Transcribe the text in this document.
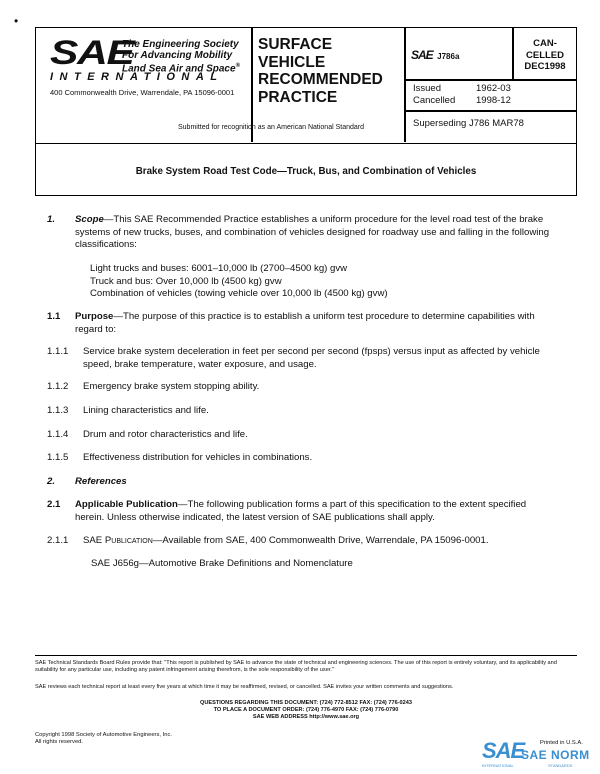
•
SAE
The Engineering Society
For Advancing Mobility
Land Sea Air and Space®
INTERNATIONAL
400 Commonwealth Drive, Warrendale, PA 15096-0001
SURFACE
VEHICLE
RECOMMENDED
PRACTICE
SAE J786a
CAN-
CELLED
DEC1998
Issued	1962-03
Cancelled 1998-12
Superseding J786 MAR78
Submitted for recognition as an American National Standard
Brake System Road Test Code—Truck, Bus, and Combination of Vehicles
1. Scope—This SAE Recommended Practice establishes a uniform procedure for the level road test of the brake systems of new trucks, buses, and combination of vehicles designed for roadway use and falling in the following classifications:
Light trucks and buses: 6001–10,000 lb (2700–4500 kg) gvw
Truck and bus: Over 10,000 lb (4500 kg) gvw
Combination of vehicles (towing vehicle over 10,000 lb (4500 kg) gvw)
1.1 Purpose—The purpose of this practice is to establish a uniform test procedure to determine capabilities with regard to:
1.1.1 Service brake system deceleration in feet per second per second (fpsps) versus input as affected by vehicle speed, brake temperature, water exposure, and usage.
1.1.2 Emergency brake system stopping ability.
1.1.3 Lining characteristics and life.
1.1.4 Drum and rotor characteristics and life.
1.1.5 Effectiveness distribution for vehicles in combinations.
2. References
2.1 Applicable Publication—The following publication forms a part of this specification to the extent specified herein. Unless otherwise indicated, the latest version of SAE publications shall apply.
2.1.1 SAE Publication—Available from SAE, 400 Commonwealth Drive, Warrendale, PA 15096-0001.
SAE J656g—Automotive Brake Definitions and Nomenclature
SAE Technical Standards Board Rules provide that: "This report is published by SAE to advance the state of technical and engineering sciences. The use of this report is entirely voluntary, and its applicability and suitability for any particular use, including any patent infringement arising therefrom, is the sole responsibility of the user."
SAE reviews each technical report at least every five years at which time it may be reaffirmed, revised, or cancelled. SAE invites your written comments and suggestions.
QUESTIONS REGARDING THIS DOCUMENT: (724) 772-8512 FAX: (724) 776-0243
TO PLACE A DOCUMENT ORDER: (724) 776-4970 FAX: (724) 776-0790
SAE WEB ADDRESS http://www.sae.org
Copyright 1998 Society of Automotive Engineers, Inc.
All rights reserved.	Printed in U.S.A.
SAE
SAE NORM
INTERNATIONAL	STANDARDS
